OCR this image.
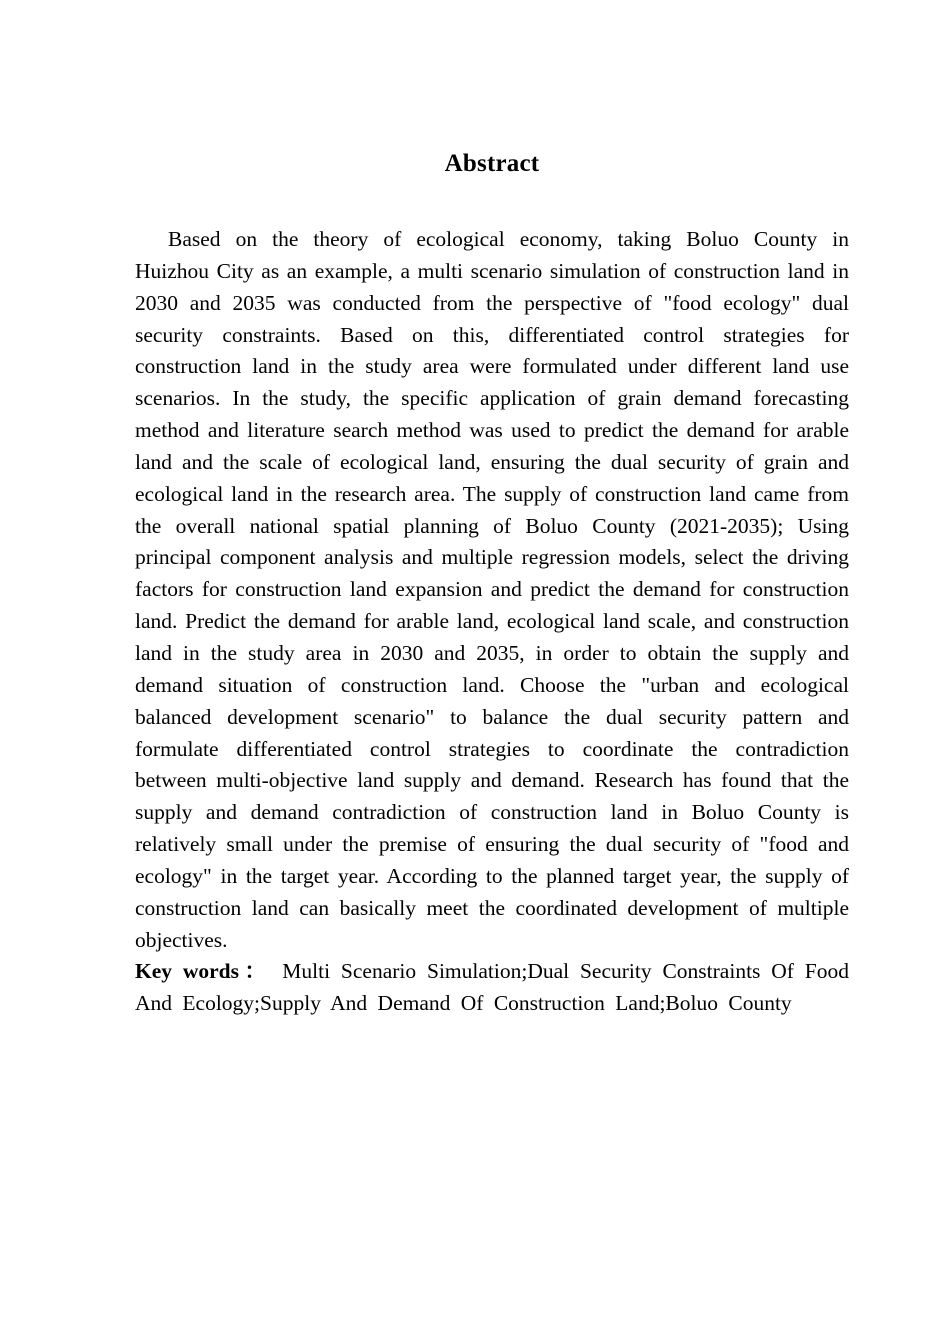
Abstract
Based on the theory of ecological economy, taking Boluo County in
Huizhou City as an example, a multi scenario simulation of construction land in
2030 and 2035 was conducted from the perspective of "food ecology" dual
security constraints. Based on this, differentiated control strategies for
construction land in the study area were formulated under different land use
scenarios. In the study, the specific application of grain demand forecasting
method and literature search method was used to predict the demand for arable
land and the scale of ecological land, ensuring the dual security of grain and
ecological land in the research area. The supply of construction land came from
the overall national spatial planning of Boluo County (2021-2035); Using
principal component analysis and multiple regression models, select the driving
factors for construction land expansion and predict the demand for construction
land. Predict the demand for arable land, ecological land scale, and construction
land in the study area in 2030 and 2035, in order to obtain the supply and
demand situation of construction land. Choose the "urban and ecological
balanced development scenario" to balance the dual security pattern and
formulate differentiated control strategies to coordinate the contradiction
between multi-objective land supply and demand. Research has found that the
supply and demand contradiction of construction land in Boluo County is
relatively small under the premise of ensuring the dual security of "food and
ecology" in the target year. According to the planned target year, the supply of
construction land can basically meet the coordinated development of multiple
objectives.
Key words： Multi Scenario Simulation;Dual Security Constraints Of Food
And Ecology;Supply And Demand Of Construction Land;Boluo County
